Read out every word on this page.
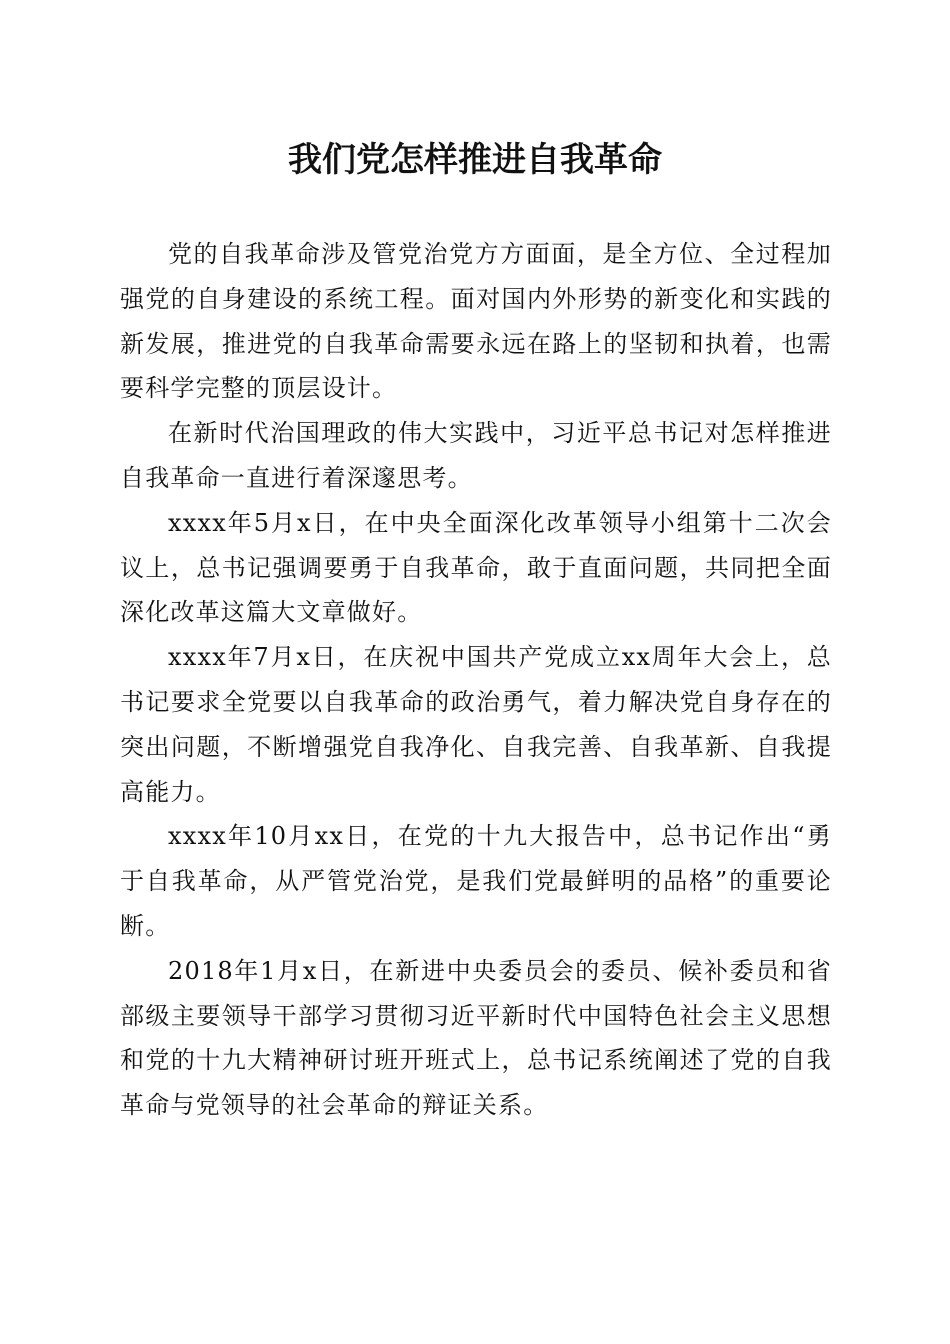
我们党怎样推进自我革命

党的自我革命涉及管党治党方方面面，是全方位、全过程加强党的自身建设的系统工程。面对国内外形势的新变化和实践的新发展，推进党的自我革命需要永远在路上的坚韧和执着，也需要科学完整的顶层设计。

在新时代治国理政的伟大实践中，习近平总书记对怎样推进自我革命一直进行着深邃思考。

xxxx年5月x日，在中央全面深化改革领导小组第十二次会议上，总书记强调要勇于自我革命，敢于直面问题，共同把全面深化改革这篇大文章做好。

xxxx年7月x日，在庆祝中国共产党成立xx周年大会上，总书记要求全党要以自我革命的政治勇气，着力解决党自身存在的突出问题，不断增强党自我净化、自我完善、自我革新、自我提高能力。

xxxx年10月xx日，在党的十九大报告中，总书记作出“勇于自我革命，从严管党治党，是我们党最鲜明的品格”的重要论断。

2018年1月x日，在新进中央委员会的委员、候补委员和省部级主要领导干部学习贯彻习近平新时代中国特色社会主义思想和党的十九大精神研讨班开班式上，总书记系统阐述了党的自我革命与党领导的社会革命的辩证关系。
